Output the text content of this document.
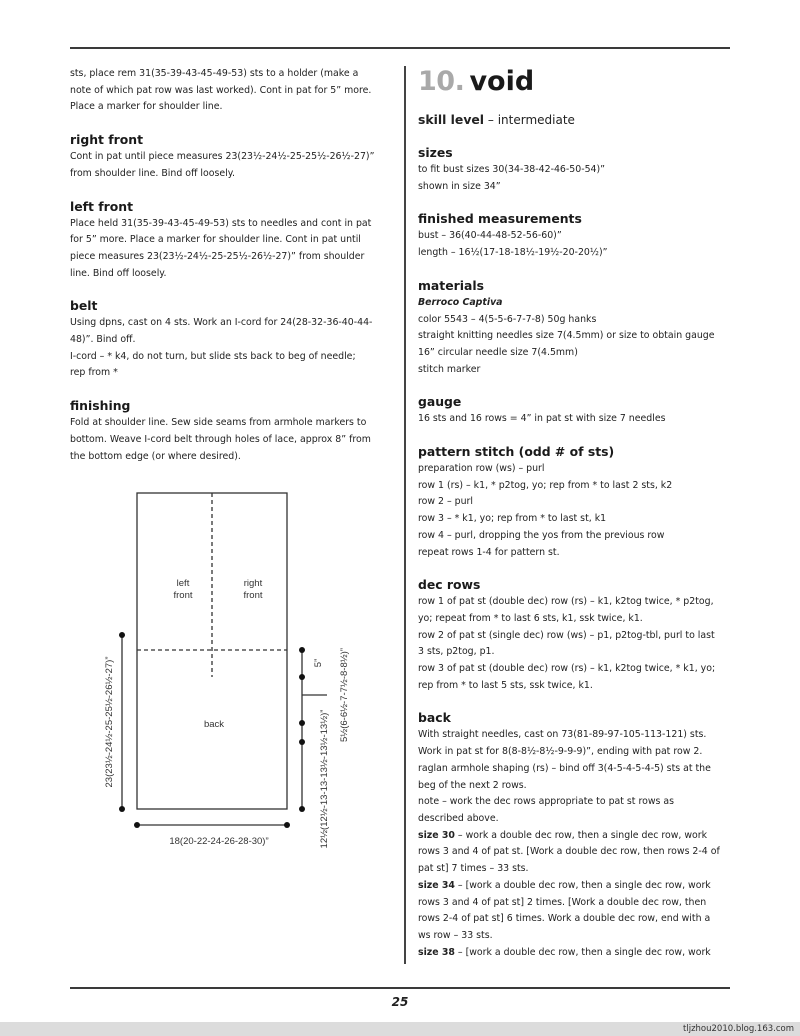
sts, place rem 31(35-39-43-45-49-53) sts to a holder (make a

note of which pat row was last worked). Cont in pat for 5” more.

Place a marker for shoulder line.

right front

Cont in pat until piece measures 23(23½-24½-25-25½-26½-27)”

from shoulder line. Bind off loosely.

left front

Place held 31(35-39-43-45-49-53) sts to needles and cont in pat

for 5” more. Place a marker for shoulder line. Cont in pat until

piece measures 23(23½-24½-25-25½-26½-27)” from shoulder

line. Bind off loosely.

belt

Using dpns, cast on 4 sts. Work an I-cord for 24(28-32-36-40-44-

48)”. Bind off.

I-cord – * k4, do not turn, but slide sts back to beg of needle;

rep from *

finishing

Fold at shoulder line. Sew side seams from armhole markers to

bottom. Weave I-cord belt through holes of lace, approx 8” from

the bottom edge (or where desired).

left
front
right
front
back
18(20-22-24-26-28-30)”
23(23½-24½-25-25½-26½-27)”	5” 5½(6-6½-7-7½-8-8½)”
12½(12½-13-13-13½-13½-13½)”
10. void
skill level – intermediate
sizes

to fit bust sizes 30(34-38-42-46-50-54)”

shown in size 34”

finished measurements

bust – 36(40-44-48-52-56-60)”

length – 16½(17-18-18½-19½-20-20½)”

materials

Berroco Captiva

color 5543 – 4(5-5-6-7-7-8) 50g hanks

straight knitting needles size 7(4.5mm) or size to obtain gauge

16” circular needle size 7(4.5mm)

stitch marker

gauge

16 sts and 16 rows = 4” in pat st with size 7 needles

pattern stitch (odd # of sts)

preparation row (ws) – purl

row 1 (rs) – k1, * p2tog, yo; rep from * to last 2 sts, k2

row 2 – purl

row 3 – * k1, yo; rep from * to last st, k1

row 4 – purl, dropping the yos from the previous row

repeat rows 1-4 for pattern st.

dec rows

row 1 of pat st (double dec) row (rs) – k1, k2tog twice, * p2tog,

yo; repeat from * to last 6 sts, k1, ssk twice, k1.

row 2 of pat st (single dec) row (ws) – p1, p2tog-tbl, purl to last

3 sts, p2tog, p1.

row 3 of pat st (double dec) row (rs) – k1, k2tog twice, * k1, yo;

rep from * to last 5 sts, ssk twice, k1.

back

With straight needles, cast on 73(81-89-97-105-113-121) sts.

Work in pat st for 8(8-8½-8½-9-9-9)”, ending with pat row 2.

raglan armhole shaping (rs) – bind off 3(4-5-4-5-4-5) sts at the

beg of the next 2 rows.

note – work the dec rows appropriate to pat st rows as

described above.

size 30 – work a double dec row, then a single dec row, work

rows 3 and 4 of pat st. [Work a double dec row, then rows 2-4 of

pat st] 7 times – 33 sts.

size 34 – [work a double dec row, then a single dec row, work

rows 3 and 4 of pat st] 2 times. [Work a double dec row, then

rows 2-4 of pat st] 6 times. Work a double dec row, end with a

ws row – 33 sts.

size 38 – [work a double dec row, then a single dec row, work

25
tljzhou2010.blog.163.com
